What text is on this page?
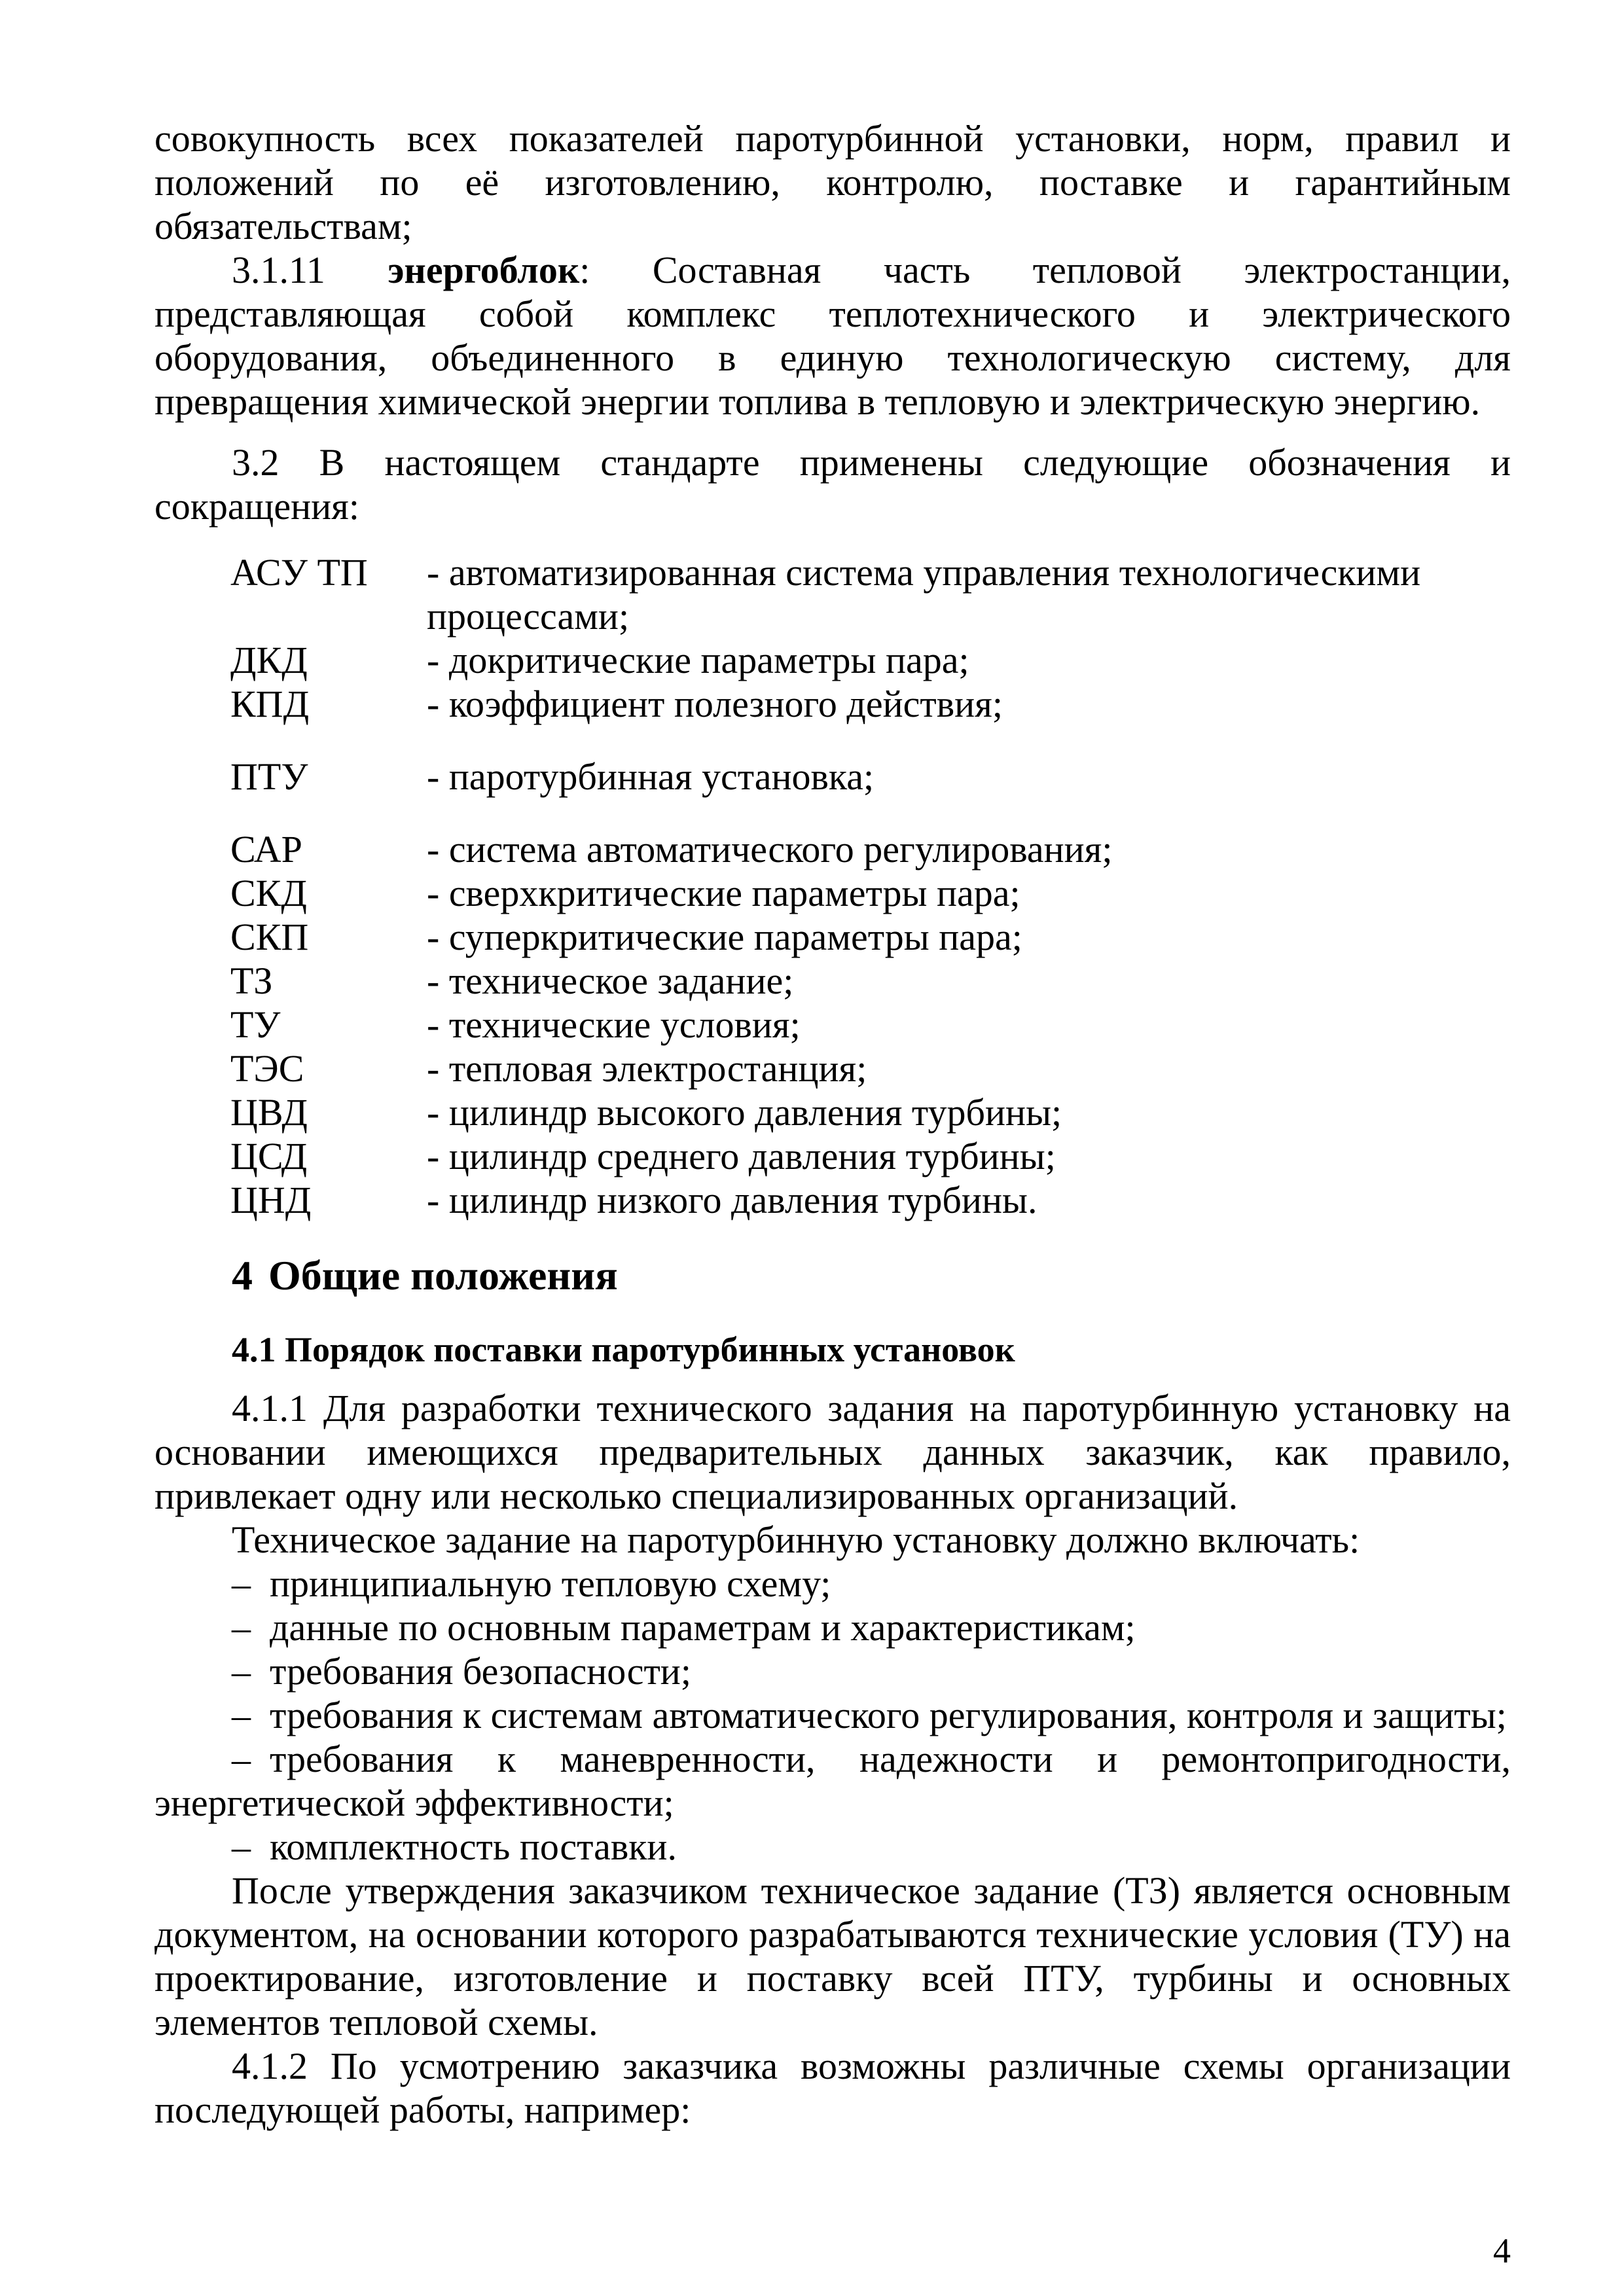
совокупность всех показателей паротурбинной установки, норм, правил и положений по её изготовлению, контролю, поставке и гарантийным обязательствам;

3.1.11 энергоблок: Составная часть тепловой электростанции, представляющая собой комплекс теплотехнического и электрического оборудования, объединенного в единую технологическую систему, для превращения химической энергии топлива в тепловую и электрическую энергию.

3.2 В настоящем стандарте применены следующие обозначения и сокращения:

АСУ ТП	- автоматизированная система управления технологическими процессами;
ДКД	- докритические параметры пара;
КПД	- коэффициент полезного действия;
ПТУ	- паротурбинная установка;
САР	- система автоматического регулирования;
СКД	- сверхкритические параметры пара;
СКП	- суперкритические параметры пара;
ТЗ	- техническое задание;
ТУ	- технические условия;
ТЭС	- тепловая электростанция;
ЦВД	- цилиндр высокого давления турбины;
ЦСД	- цилиндр среднего давления турбины;
ЦНД	- цилиндр низкого давления турбины.
4 Общие положения
4.1 Порядок поставки паротурбинных установок

4.1.1 Для разработки технического задания на паротурбинную установку на основании имеющихся предварительных данных заказчик, как правило, привлекает одну или несколько специализированных организаций.

Техническое задание на паротурбинную установку должно включать:

– принципиальную тепловую схему;

– данные по основным параметрам и характеристикам;

– требования безопасности;

– требования к системам автоматического регулирования, контроля и защиты;

– требования к маневренности, надежности и ремонтопригодности, энергетической эффективности;

– комплектность поставки.

После утверждения заказчиком техническое задание (ТЗ) является основным документом, на основании которого разрабатываются технические условия (ТУ) на проектирование, изготовление и поставку всей ПТУ, турбины и основных элементов тепловой схемы.

4.1.2 По усмотрению заказчика возможны различные схемы организации последующей работы, например:

4
